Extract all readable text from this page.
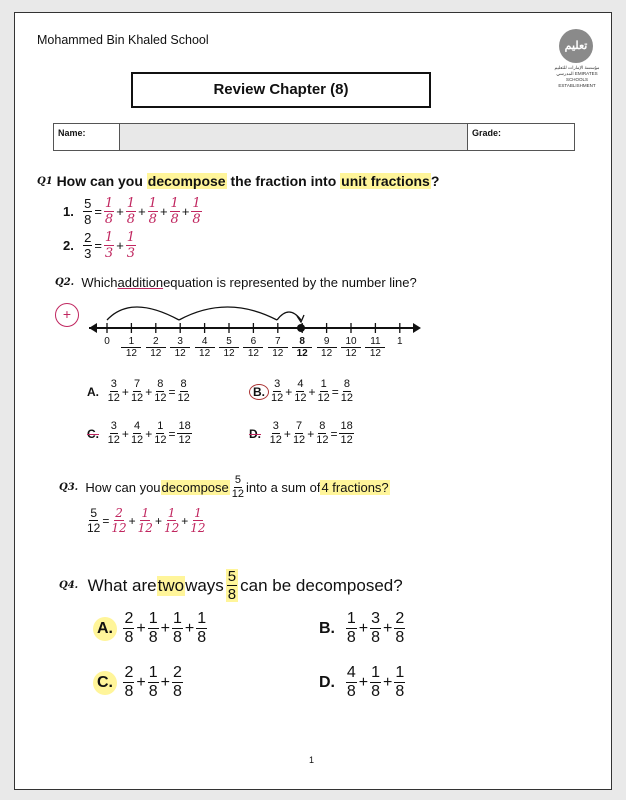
Mohammed Bin Khaled School	تعليم
مؤسسة الإمارات للتعليم المدرسي EMIRATES SCHOOLS ESTABLISHMENT
Review Chapter (8)
Name:	Grade:
Q1
How can you decompose the fraction into unit fractions?
1.
$\frac{5}{8} = \frac{1}{8} + \frac{1}{8} + \frac{1}{8} + \frac{1}{8} + \frac{1}{8}$
2.
$\frac{2}{3} = \frac{1}{3} + \frac{1}{3}$
Q2.
Which addition equation is represented by the number line?
+
0	1
12
2
12
3
12
4
12
5
12
6
12
7
12
8
12
9
12
10
12
11
12
1
A.
$\frac{3}{12} + \frac{7}{12} + \frac{8}{12} = \frac{8}{12}$	B. $\frac{3}{12} + \frac{4}{12} + \frac{1}{12} = \frac{8}{12}$
C.
$\frac{3}{12} + \frac{4}{12} + \frac{1}{12} = \frac{18}{12}$	D.
$\frac{3}{12} + \frac{7}{12} + \frac{8}{12} = \frac{18}{12}$
Q3.
How can you decompose $\frac{5}{12}$ into a sum of 4 fractions?
$\frac{5}{12} = \frac{2}{12} + \frac{1}{12} + \frac{1}{12} + \frac{1}{12}$
Q4.
What are two ways $\frac{5}{8}$ can be decomposed?
A.
$\frac{2}{8} + \frac{1}{8} + \frac{1}{8} + \frac{1}{8}$	B.
$\frac{1}{8} + \frac{3}{8} + \frac{2}{8}$
C.
$\frac{2}{8} + \frac{1}{8} + \frac{2}{8}$	D.
$\frac{4}{8} + \frac{1}{8} + \frac{1}{8}$
1
